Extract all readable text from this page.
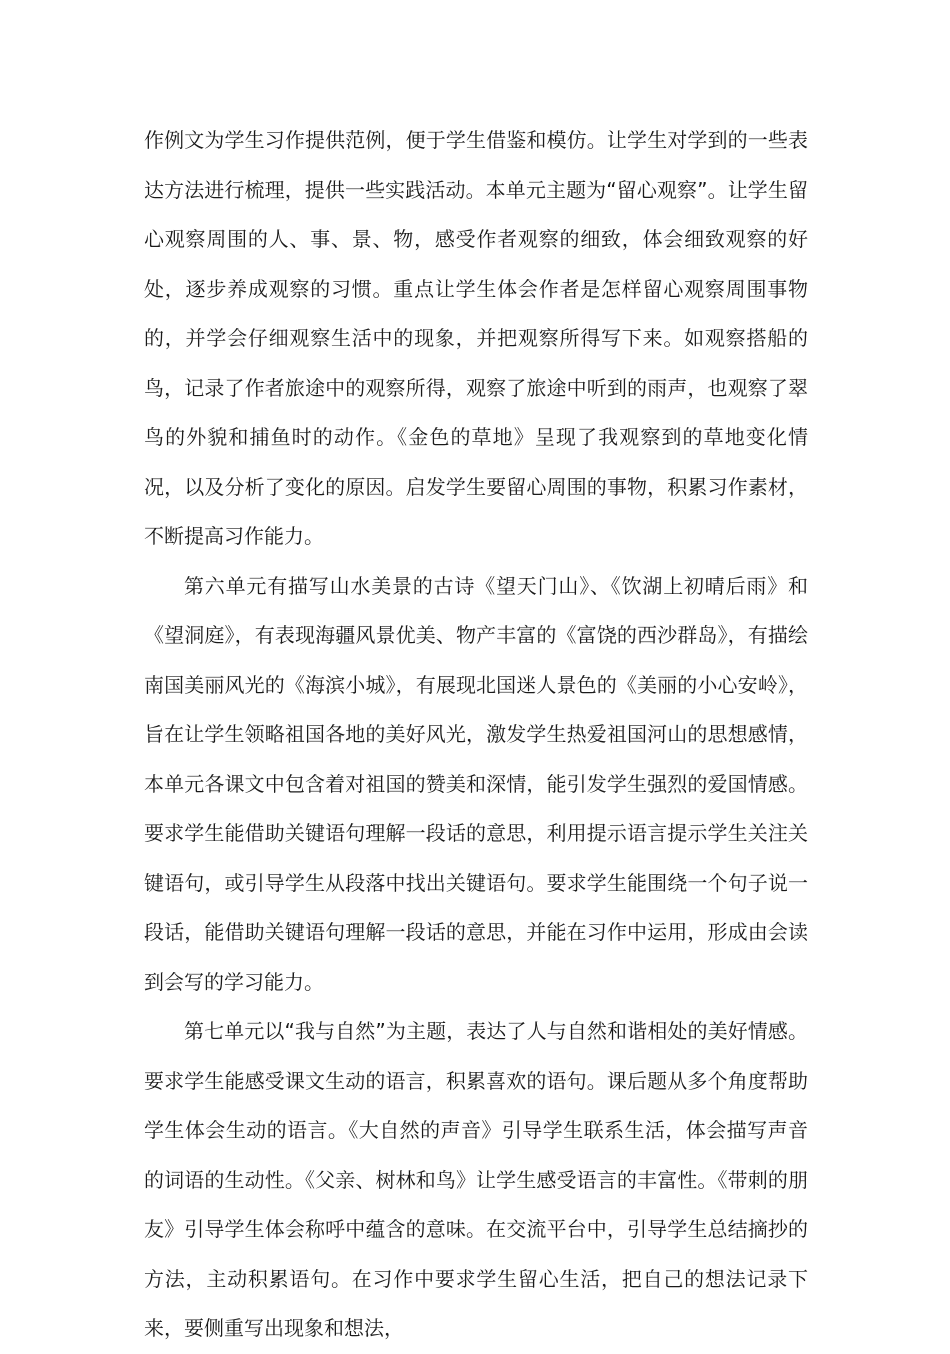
作例文为学生习作提供范例，便于学生借鉴和模仿。让学生对学到的一些表达方法进行梳理，提供一些实践活动。本单元主题为“留心观察”。让学生留心观察周围的人、事、景、物，感受作者观察的细致，体会细致观察的好处，逐步养成观察的习惯。重点让学生体会作者是怎样留心观察周围事物的，并学会仔细观察生活中的现象，并把观察所得写下来。如观察搭船的鸟，记录了作者旅途中的观察所得，观察了旅途中听到的雨声，也观察了翠鸟的外貌和捕鱼时的动作。《金色的草地》呈现了我观察到的草地变化情况，以及分析了变化的原因。启发学生要留心周围的事物，积累习作素材，不断提高习作能力。

第六单元有描写山水美景的古诗《望天门山》、《饮湖上初晴后雨》和《望洞庭》，有表现海疆风景优美、物产丰富的《富饶的西沙群岛》，有描绘南国美丽风光的《海滨小城》，有展现北国迷人景色的《美丽的小心安岭》，旨在让学生领略祖国各地的美好风光，激发学生热爱祖国河山的思想感情，本单元各课文中包含着对祖国的赞美和深情，能引发学生强烈的爱国情感。要求学生能借助关键语句理解一段话的意思，利用提示语言提示学生关注关键语句，或引导学生从段落中找出关键语句。要求学生能围绕一个句子说一段话，能借助关键语句理解一段话的意思，并能在习作中运用，形成由会读到会写的学习能力。

第七单元以“我与自然”为主题，表达了人与自然和谐相处的美好情感。要求学生能感受课文生动的语言，积累喜欢的语句。课后题从多个角度帮助学生体会生动的语言。《大自然的声音》引导学生联系生活，体会描写声音的词语的生动性。《父亲、树林和鸟》让学生感受语言的丰富性。《带刺的朋友》引导学生体会称呼中蕴含的意味。在交流平台中，引导学生总结摘抄的方法，主动积累语句。在习作中要求学生留心生活，把自己的想法记录下来，要侧重写出现象和想法，
